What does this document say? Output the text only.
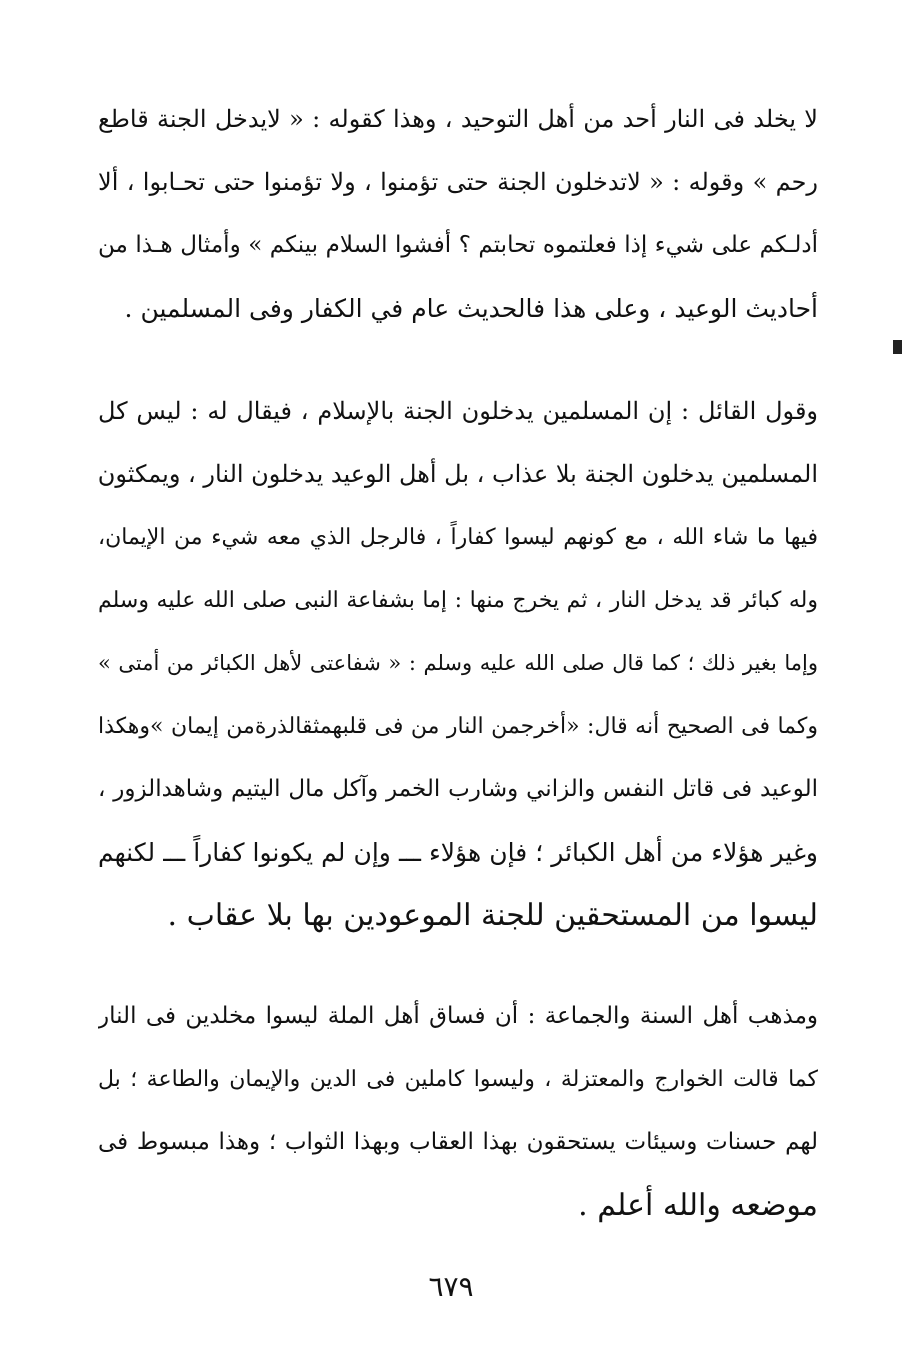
لا يخلد فى النار أحد من أهل التوحيد ، وهذا كقوله : « لايدخل الجنة قاطع
رحم » وقوله : « لاتدخلون الجنة حتى تؤمنوا ، ولا تؤمنوا حتى تحـابوا ، ألا
أدلـكم على شيء إذا فعلتموه تحابتم ؟ أفشوا السلام بينكم » وأمثال هـذا من
أحاديث الوعيد ، وعلى هذا فالحديث عام في الكفار وفى المسلمين .
وقول القائل : إن المسلمين يدخلون الجنة بالإسلام ، فيقال له : ليس كل
المسلمين يدخلون الجنة بلا عذاب ، بل أهل الوعيد يدخلون النار ، ويمكثون
فيها ما شاء الله ، مع كونهم ليسوا كفاراً ، فالرجل الذي معه شيء من الإيمان،
وله كبائر قد يدخل النار ، ثم يخرج منها : إما بشفاعة النبى صلى الله عليه وسلم
وإما بغير ذلك ؛ كما قال صلى الله عليه وسلم : « شفاعتى لأهل الكبائر من أمتى »
وكما فى الصحيح أنه قال: «أخرجمن النار من فى قلبهمثقالذرةمن إيمان »وهكذا
الوعيد فى قاتل النفس والزاني وشارب الخمر وآكل مال اليتيم وشاهدالزور ،
وغير هؤلاء من أهل الكبائر ؛ فإن هؤلاء ـــ وإن لم يكونوا كفاراً ـــ لكنهم
ليسوا من المستحقين للجنة الموعودين بها بلا عقاب .
ومذهب أهل السنة والجماعة : أن فساق أهل الملة ليسوا مخلدين فى النار
كما قالت الخوارج والمعتزلة ، وليسوا كاملين فى الدين والإيمان والطاعة ؛ بل
لهم حسنات وسيئات يستحقون بهذا العقاب وبهذا الثواب ؛ وهذا مبسوط فى
موضعه والله أعلم .
٦٧٩
